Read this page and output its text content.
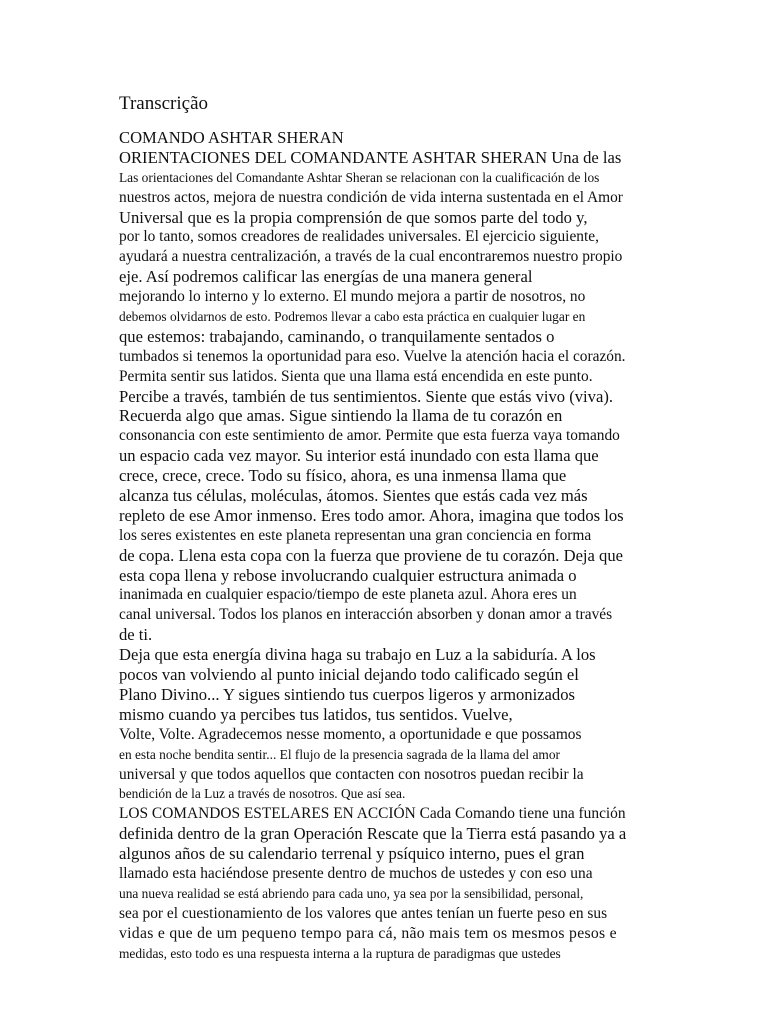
Transcrição
COMANDO ASHTAR SHERAN
ORIENTACIONES DEL COMANDANTE ASHTAR SHERAN Una de las
Las orientaciones del Comandante Ashtar Sheran se relacionan con la cualificación de los
nuestros actos, mejora de nuestra condición de vida interna sustentada en el Amor
Universal que es la propia comprensión de que somos parte del todo y,
por lo tanto, somos creadores de realidades universales. El ejercicio siguiente,
ayudará a nuestra centralización, a través de la cual encontraremos nuestro propio
eje. Así podremos calificar las energías de una manera general
mejorando lo interno y lo externo. El mundo mejora a partir de nosotros, no
debemos olvidarnos de esto. Podremos llevar a cabo esta práctica en cualquier lugar en
que estemos: trabajando, caminando, o tranquilamente sentados o
tumbados si tenemos la oportunidad para eso. Vuelve la atención hacia el corazón.
Permita sentir sus latidos. Sienta que una llama está encendida en este punto.
Percibe a través, también de tus sentimientos. Siente que estás vivo (viva).
Recuerda algo que amas. Sigue sintiendo la llama de tu corazón en
consonancia con este sentimiento de amor. Permite que esta fuerza vaya tomando
un espacio cada vez mayor. Su interior está inundado con esta llama que
crece, crece, crece. Todo su físico, ahora, es una inmensa llama que
alcanza tus células, moléculas, átomos. Sientes que estás cada vez más
repleto de ese Amor inmenso. Eres todo amor. Ahora, imagina que todos los
los seres existentes en este planeta representan una gran conciencia en forma
de copa. Llena esta copa con la fuerza que proviene de tu corazón. Deja que
esta copa llena y rebose involucrando cualquier estructura animada o
inanimada en cualquier espacio/tiempo de este planeta azul. Ahora eres un
canal universal. Todos los planos en interacción absorben y donan amor a través
de ti.
Deja que esta energía divina haga su trabajo en Luz a la sabiduría. A los
pocos van volviendo al punto inicial dejando todo calificado según el
Plano Divino... Y sigues sintiendo tus cuerpos ligeros y armonizados
mismo cuando ya percibes tus latidos, tus sentidos. Vuelve,
Volte, Volte. Agradecemos nesse momento, a oportunidade e que possamos
en esta noche bendita sentir... El flujo de la presencia sagrada de la llama del amor
universal y que todos aquellos que contacten con nosotros puedan recibir la
bendición de la Luz a través de nosotros. Que así sea.
LOS COMANDOS ESTELARES EN ACCIÓN Cada Comando tiene una función
definida dentro de la gran Operación Rescate que la Tierra está pasando ya a
algunos años de su calendario terrenal y psíquico interno, pues el gran
llamado esta haciéndose presente dentro de muchos de ustedes y con eso una
una nueva realidad se está abriendo para cada uno, ya sea por la sensibilidad, personal,
sea por el cuestionamiento de los valores que antes tenían un fuerte peso en sus
vidas e que de um pequeno tempo para cá, não mais tem os mesmos pesos e
medidas, esto todo es una respuesta interna a la ruptura de paradigmas que ustedes
